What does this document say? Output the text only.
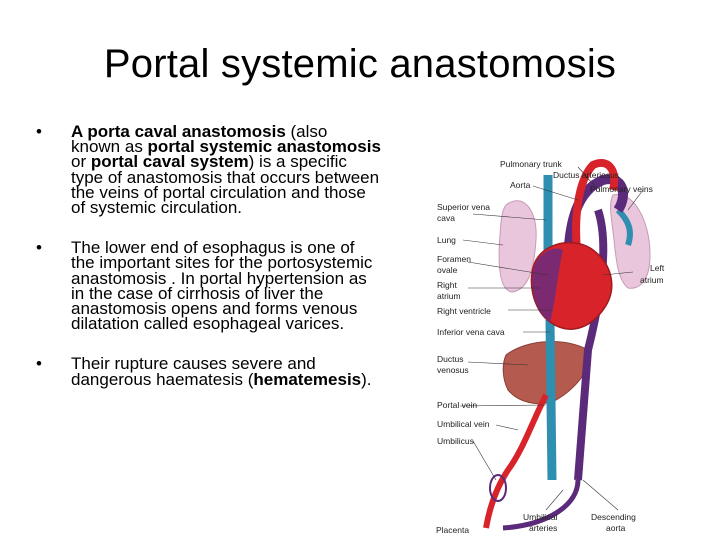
Portal systemic anastomosis
• A porta caval anastomosis (also known as portal systemic anastomosis or portal caval system) is a specific type of anastomosis that occurs between the veins of portal circulation and those of systemic circulation.
• The lower end of esophagus is one of the important sites for the portosystemic anastomosis . In portal hypertension as in the case of cirrhosis of liver the anastomosis opens and forms venous dilatation called esophageal varices.
• Their rupture causes severe and dangerous haematesis (hematemesis).
Pulmonary trunk
Ductus arteriosus
Aorta	Pulmonary veins
Superior vena
cava
Lung
Foramen
ovale	Left
atrium
Right
atrium
Right ventricle
Inferior vena cava
Ductus
venosus
Portal vein
Umbilical vein
Umbilicus
Umbilical
arteries
Descending
aorta
Placenta
